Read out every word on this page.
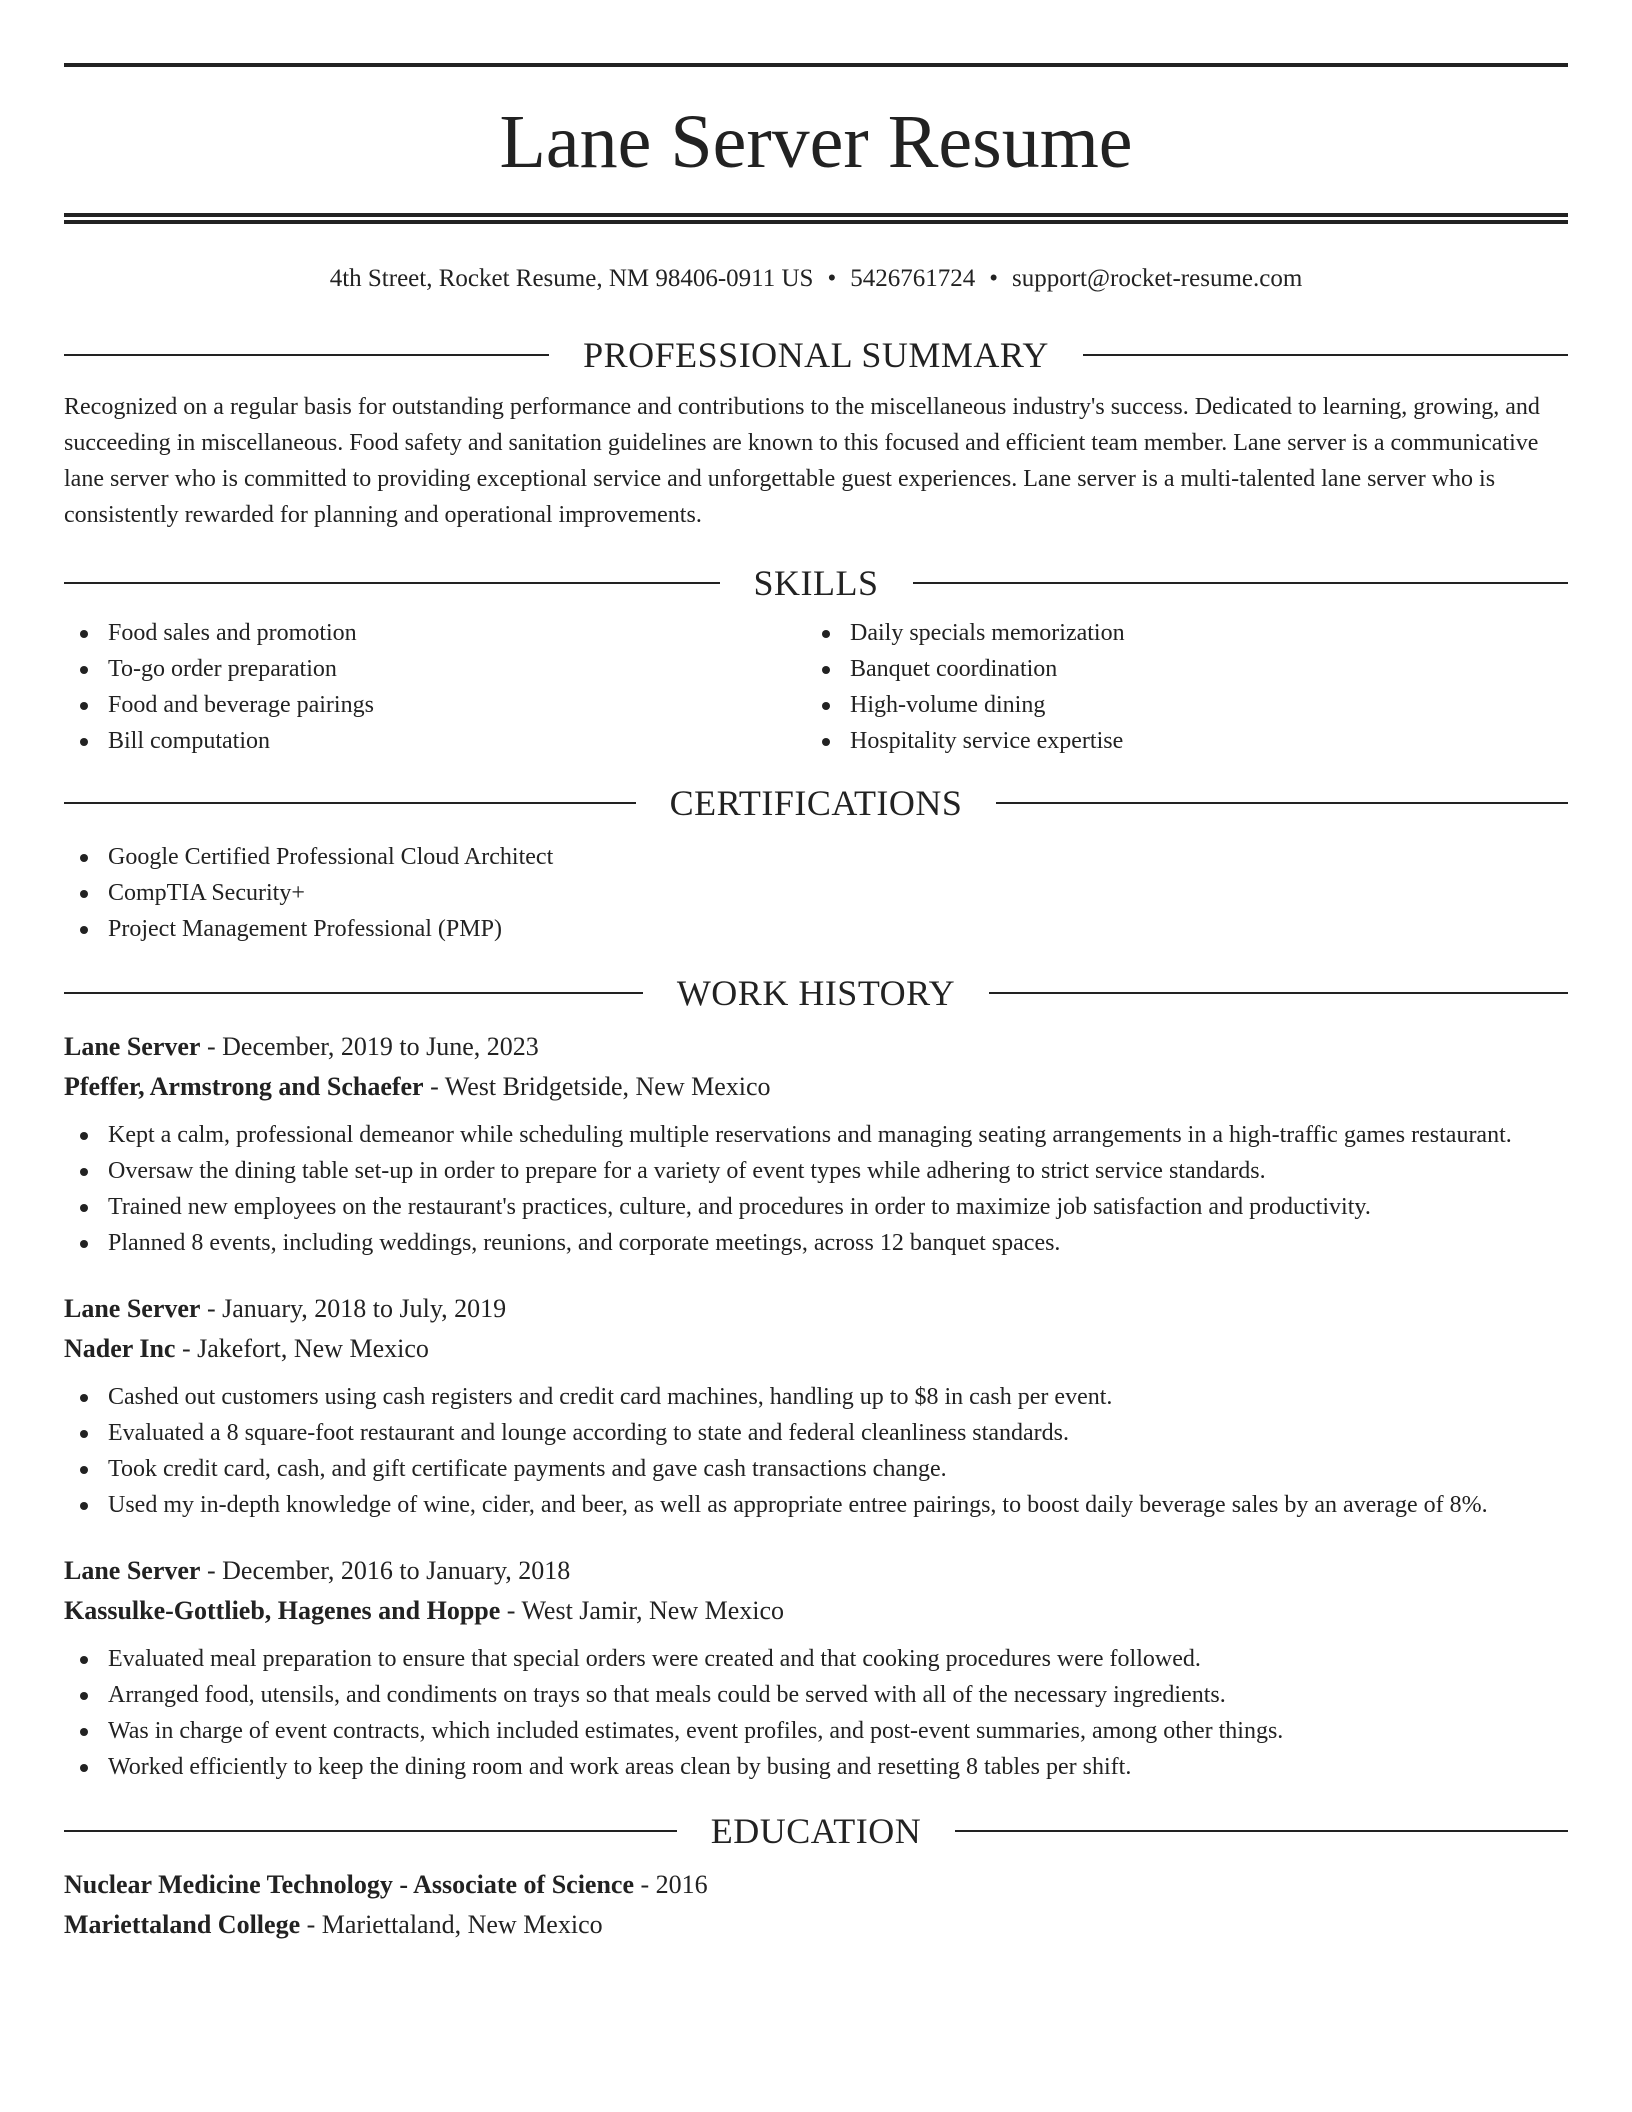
Lane Server Resume
4th Street, Rocket Resume, NM 98406-0911 US • 5426761724 • support@rocket-resume.com
PROFESSIONAL SUMMARY

Recognized on a regular basis for outstanding performance and contributions to the miscellaneous industry's success. Dedicated to learning, growing, and succeeding in miscellaneous. Food safety and sanitation guidelines are known to this focused and efficient team member. Lane server is a communicative lane server who is committed to providing exceptional service and unforgettable guest experiences. Lane server is a multi-talented lane server who is consistently rewarded for planning and operational improvements.

SKILLS
Food sales and promotion
To-go order preparation
Food and beverage pairings
Bill computation
Daily specials memorization
Banquet coordination
High-volume dining
Hospitality service expertise
CERTIFICATIONS
Google Certified Professional Cloud Architect
CompTIA Security+
Project Management Professional (PMP)
WORK HISTORY
Lane Server - December, 2019 to June, 2023
Pfeffer, Armstrong and Schaefer - West Bridgetside, New Mexico
Kept a calm, professional demeanor while scheduling multiple reservations and managing seating arrangements in a high-traffic games restaurant.
Oversaw the dining table set-up in order to prepare for a variety of event types while adhering to strict service standards.
Trained new employees on the restaurant's practices, culture, and procedures in order to maximize job satisfaction and productivity.
Planned 8 events, including weddings, reunions, and corporate meetings, across 12 banquet spaces.
Lane Server - January, 2018 to July, 2019
Nader Inc - Jakefort, New Mexico
Cashed out customers using cash registers and credit card machines, handling up to $8 in cash per event.
Evaluated a 8 square-foot restaurant and lounge according to state and federal cleanliness standards.
Took credit card, cash, and gift certificate payments and gave cash transactions change.
Used my in-depth knowledge of wine, cider, and beer, as well as appropriate entree pairings, to boost daily beverage sales by an average of 8%.
Lane Server - December, 2016 to January, 2018
Kassulke-Gottlieb, Hagenes and Hoppe - West Jamir, New Mexico
Evaluated meal preparation to ensure that special orders were created and that cooking procedures were followed.
Arranged food, utensils, and condiments on trays so that meals could be served with all of the necessary ingredients.
Was in charge of event contracts, which included estimates, event profiles, and post-event summaries, among other things.
Worked efficiently to keep the dining room and work areas clean by busing and resetting 8 tables per shift.
EDUCATION
Nuclear Medicine Technology - Associate of Science - 2016
Mariettaland College - Mariettaland, New Mexico
